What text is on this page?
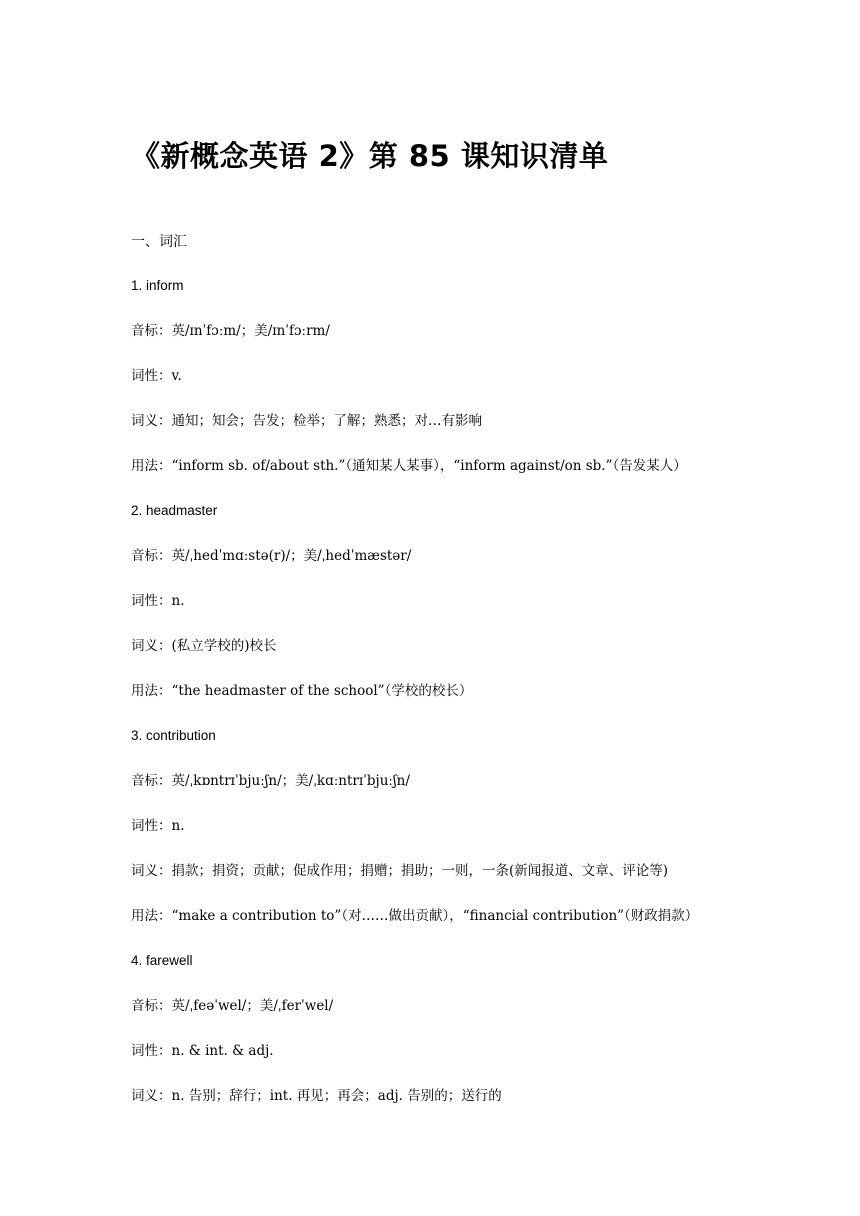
《新概念英语 2》第 85 课知识清单
一、词汇
1. inform
音标：英/ɪnˈfɔːm/；美/ɪnˈfɔːrm/
词性：v.
词义：通知；知会；告发；检举；了解；熟悉；对…有影响
用法：“inform sb. of/about sth.”（通知某人某事），“inform against/on sb.”（告发某人）
2. headmaster
音标：英/ˌhedˈmɑːstə(r)/；美/ˌhedˈmæstər/
词性：n.
词义：(私立学校的)校长
用法：“the headmaster of the school”（学校的校长）
3. contribution
音标：英/ˌkɒntrɪˈbjuːʃn/；美/ˌkɑːntrɪˈbjuːʃn/
词性：n.
词义：捐款；捐资；贡献；促成作用；捐赠；捐助；一则，一条(新闻报道、文章、评论等)
用法：“make a contribution to”（对……做出贡献），“financial contribution”（财政捐款）
4. farewell
音标：英/ˌfeəˈwel/；美/ˌferˈwel/
词性：n. & int. & adj.
词义：n. 告别；辞行；int. 再见；再会；adj. 告别的；送行的
